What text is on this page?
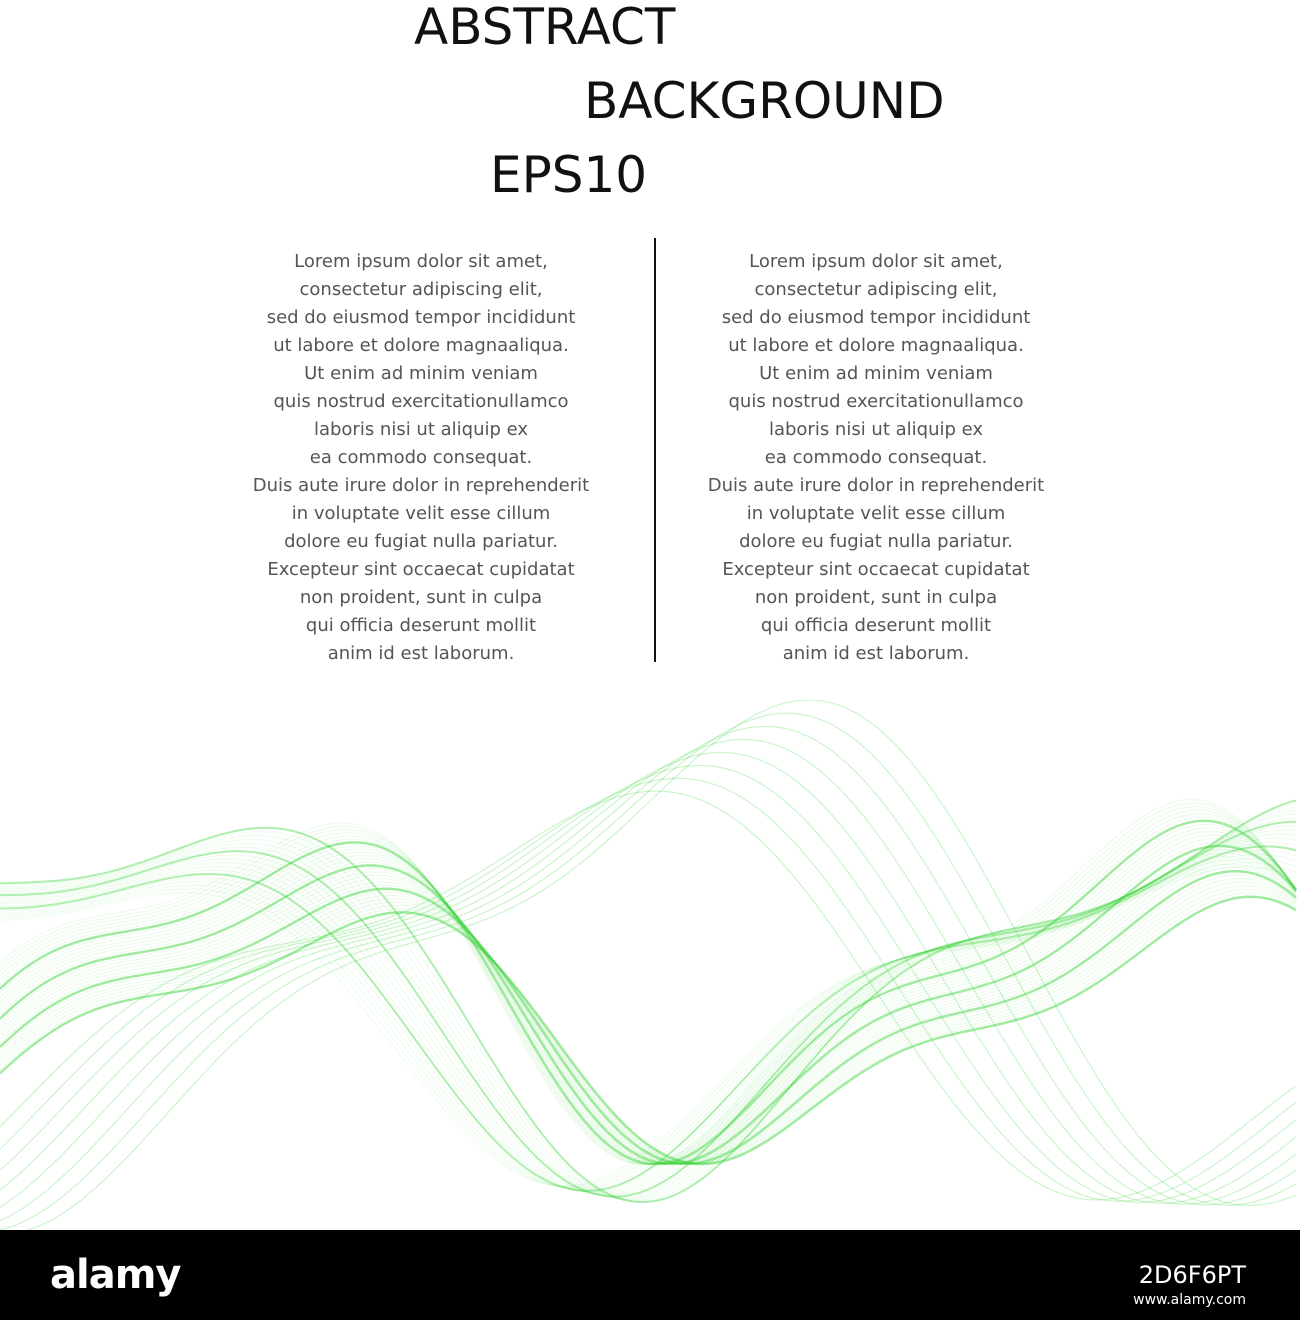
ABSTRACT
BACKGROUND
EPS10
Lorem ipsum dolor sit amet,
consectetur adipiscing elit,
sed do eiusmod tempor incididunt
ut labore et dolore magnaaliqua.
Ut enim ad minim veniam
quis nostrud exercitationullamco
laboris nisi ut aliquip ex
ea commodo consequat.
Duis aute irure dolor in reprehenderit
in voluptate velit esse cillum
dolore eu fugiat nulla pariatur.
Excepteur sint occaecat cupidatat
non proident, sunt in culpa
qui officia deserunt mollit
anim id est laborum.
Lorem ipsum dolor sit amet,
consectetur adipiscing elit,
sed do eiusmod tempor incididunt
ut labore et dolore magnaaliqua.
Ut enim ad minim veniam
quis nostrud exercitationullamco
laboris nisi ut aliquip ex
ea commodo consequat.
Duis aute irure dolor in reprehenderit
in voluptate velit esse cillum
dolore eu fugiat nulla pariatur.
Excepteur sint occaecat cupidatat
non proident, sunt in culpa
qui officia deserunt mollit
anim id est laborum.
alamy	2D6F6PT
www.alamy.com
